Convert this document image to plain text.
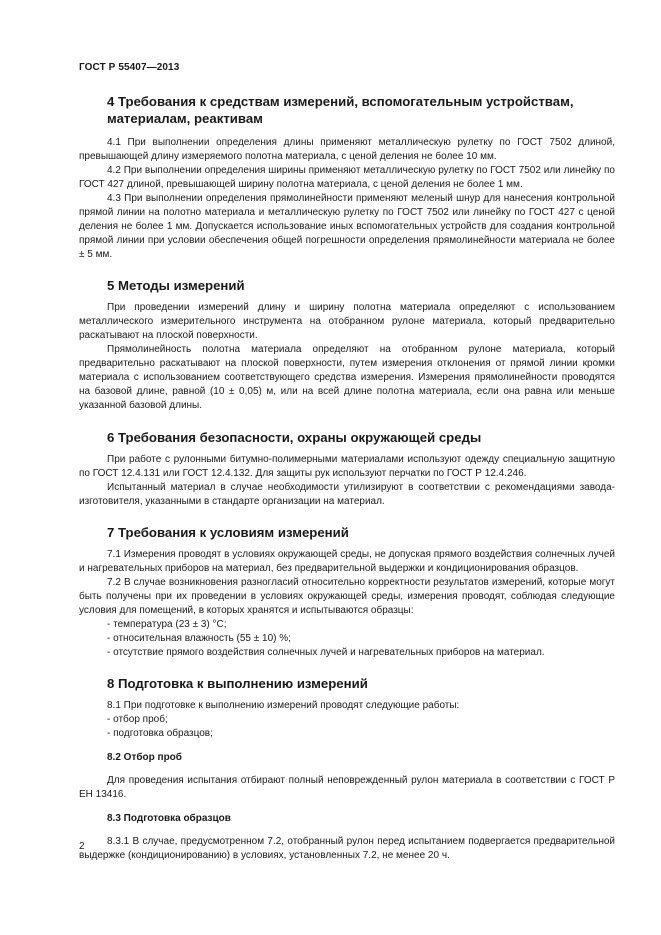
ГОСТ Р 55407—2013
4 Требования к средствам измерений, вспомогательным устройствам,
материалам, реактивам

4.1 При выполнении определения длины применяют металлическую рулетку по ГОСТ 7502 длиной, превышающей длину измеряемого полотна материала, с ценой деления не более 10 мм.

4.2 При выполнении определения ширины применяют металлическую рулетку по ГОСТ 7502 или линейку по ГОСТ 427 длиной, превышающей ширину полотна материала, с ценой деления не более 1 мм.

4.3 При выполнении определения прямолинейности применяют меленый шнур для нанесения контрольной прямой линии на полотно материала и металлическую рулетку по ГОСТ 7502 или линейку по ГОСТ 427 с ценой деления не более 1 мм. Допускается использование иных вспомогательных устройств для создания контрольной прямой линии при условии обеспечения общей погрешности определения прямолинейности материала не более ± 5 мм.

5 Методы измерений

При проведении измерений длину и ширину полотна материала определяют с использованием металлического измерительного инструмента на отобранном рулоне материала, который предварительно раскатывают на плоской поверхности.

Прямолинейность полотна материала определяют на отобранном рулоне материала, который предварительно раскатывают на плоской поверхности, путем измерения отклонения от прямой линии кромки материала с использованием соответствующего средства измерения. Измерения прямолинейности проводятся на базовой длине, равной (10 ± 0,05) м, или на всей длине полотна материала, если она равна или меньше указанной базовой длины.

6 Требования безопасности, охраны окружающей среды

При работе с рулонными битумно-полимерными материалами используют одежду специальную защитную по ГОСТ 12.4.131 или ГОСТ 12.4.132. Для защиты рук используют перчатки по ГОСТ Р 12.4.246.

Испытанный материал в случае необходимости утилизируют в соответствии с рекомендациями завода-изготовителя, указанными в стандарте организации на материал.

7 Требования к условиям измерений

7.1 Измерения проводят в условиях окружающей среды, не допуская прямого воздействия солнечных лучей и нагревательных приборов на материал, без предварительной выдержки и кондиционирования образцов.

7.2 В случае возникновения разногласий относительно корректности результатов измерений, которые могут быть получены при их проведении в условиях окружающей среды, измерения проводят, соблюдая следующие условия для помещений, в которых хранятся и испытываются образцы:

- температура (23 ± 3) °C;
- относительная влажность (55 ± 10) %;
- отсутствие прямого воздействия солнечных лучей и нагревательных приборов на материал.
8 Подготовка к выполнению измерений

8.1 При подготовке к выполнению измерений проводят следующие работы:

- отбор проб;
- подготовка образцов;
8.2 Отбор проб

Для проведения испытания отбирают полный неповрежденный рулон материала в соответствии с ГОСТ Р ЕН 13416.

8.3 Подготовка образцов

8.3.1 В случае, предусмотренном 7.2, отобранный рулон перед испытанием подвергается предварительной выдержке (кондиционированию) в условиях, установленных 7.2, не менее 20 ч.

2
